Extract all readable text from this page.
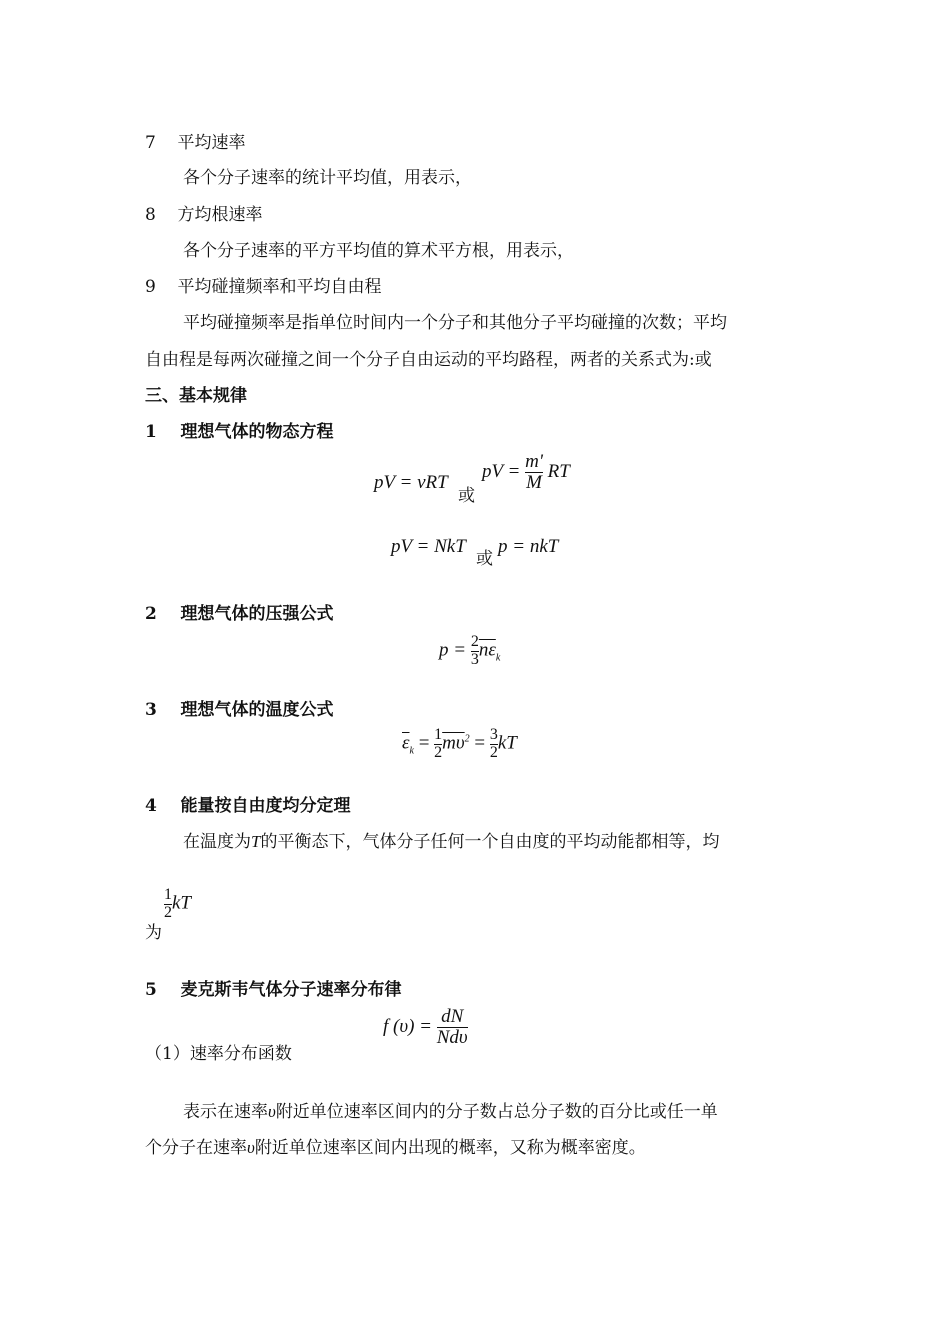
7 平均速率
各个分子速率的统计平均值，用表示，
8 方均根速率
各个分子速率的平方平均值的算术平方根，用表示，
9 平均碰撞频率和平均自由程
平均碰撞频率是指单位时间内一个分子和其他分子平均碰撞的次数；平均
自由程是每两次碰撞之间一个分子自由运动的平均路程，两者的关系式为:或
三、基本规律
1 理想气体的物态方程
pV = νRT
或
pV = $\frac{m'}{M}$ RT
pV = NkT
或
p = nkT
2 理想气体的压强公式
$p = \frac{2}{3} \overline{n\varepsilon}_k$
3 理想气体的温度公式
$\overline{\varepsilon}_k = \frac{1}{2} \overline{m\upsilon}^2 = \frac{3}{2}$ kT
4 能量按自由度均分定理
在温度为T的平衡态下，气体分子任何一个自由度的平均动能都相等，均
为
$\frac{1}{2}$ kT
5 麦克斯韦气体分子速率分布律
（1）速率分布函数
f $(\upsilon) = \frac{dN}{\text{Ndυ}}$
表示在速率υ附近单位速率区间内的分子数占总分子数的百分比或任一单
个分子在速率υ附近单位速率区间内出现的概率，又称为概率密度。
